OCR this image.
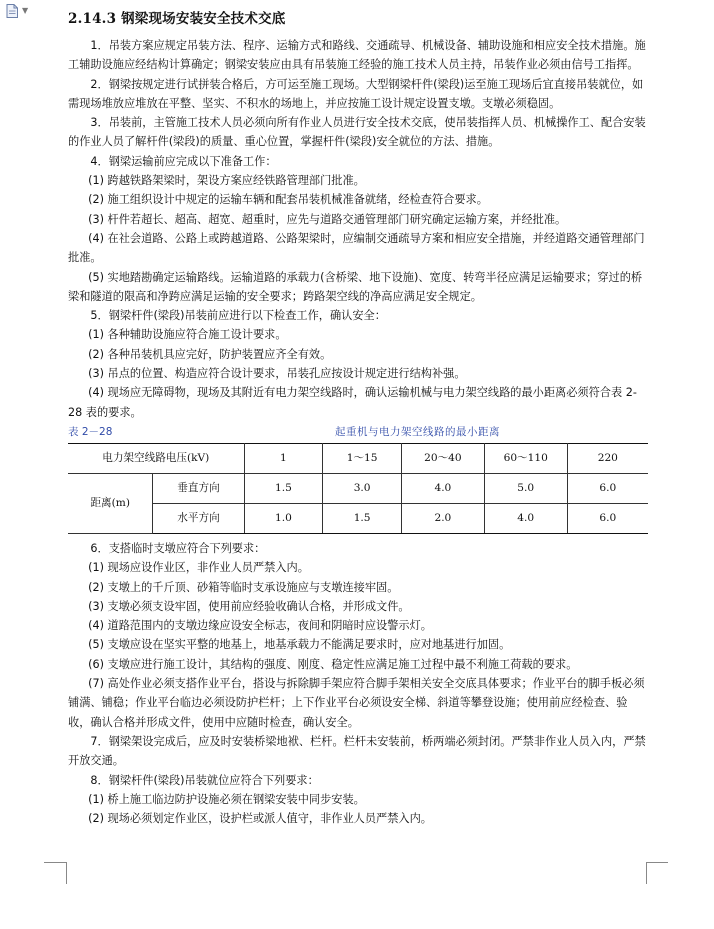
▼
2.14.3 钢梁现场安装安全技术交底

1．吊装方案应规定吊装方法、程序、运输方式和路线、交通疏导、机械设备、辅助设施和相应安全技术措施。施工辅助设施应经结构计算确定；钢梁安装应由具有吊装施工经验的施工技术人员主持，吊装作业必须由信号工指挥。

2．钢梁按规定进行试拼装合格后，方可运至施工现场。大型钢梁杆件(梁段)运至施工现场后宜直接吊装就位，如需现场堆放应堆放在平整、坚实、不积水的场地上，并应按施工设计规定设置支墩。支墩必须稳固。

3．吊装前，主管施工技术人员必须向所有作业人员进行安全技术交底，使吊装指挥人员、机械操作工、配合安装的作业人员了解杆件(梁段)的质量、重心位置，掌握杆件(梁段)安全就位的方法、措施。

4．钢梁运输前应完成以下准备工作：

(1) 跨越铁路架梁时，架设方案应经铁路管理部门批准。

(2) 施工组织设计中规定的运输车辆和配套吊装机械准备就绪，经检查符合要求。

(3) 杆件若超长、超高、超宽、超重时，应先与道路交通管理部门研究确定运输方案，并经批准。

(4) 在社会道路、公路上或跨越道路、公路架梁时，应编制交通疏导方案和相应安全措施，并经道路交通管理部门批准。

(5) 实地踏勘确定运输路线。运输道路的承载力(含桥梁、地下设施)、宽度、转弯半径应满足运输要求；穿过的桥梁和隧道的限高和净跨应满足运输的安全要求；跨路架空线的净高应满足安全规定。

5．钢梁杆件(梁段)吊装前应进行以下检查工作，确认安全：

(1) 各种辅助设施应符合施工设计要求。

(2) 各种吊装机具应完好，防护装置应齐全有效。

(3) 吊点的位置、构造应符合设计要求，吊装孔应按设计规定进行结构补强。

(4) 现场应无障碍物，现场及其附近有电力架空线路时，确认运输机械与电力架空线路的最小距离必须符合表 2-28 表的要求。

表 2－28	起重机与电力架空线路的最小距离
电力架空线路电压(kV)		1	1～15	20～40	60～110	220
距离(m)	垂直方向	1.5	3.0	4.0	5.0	6.0
	水平方向	1.0	1.5	2.0	4.0	6.0

6．支搭临时支墩应符合下列要求：

(1) 现场应设作业区，非作业人员严禁入内。

(2) 支墩上的千斤顶、砂箱等临时支承设施应与支墩连接牢固。

(3) 支墩必须支设牢固，使用前应经验收确认合格，并形成文件。

(4) 道路范围内的支墩边缘应设安全标志，夜间和阴暗时应设警示灯。

(5) 支墩应设在坚实平整的地基上，地基承载力不能满足要求时，应对地基进行加固。

(6) 支墩应进行施工设计，其结构的强度、刚度、稳定性应满足施工过程中最不利施工荷载的要求。

(7) 高处作业必须支搭作业平台，搭设与拆除脚手架应符合脚手架相关安全交底具体要求；作业平台的脚手板必须铺满、铺稳；作业平台临边必须设防护栏杆；上下作业平台必须设安全梯、斜道等攀登设施；使用前应经检查、验收，确认合格并形成文件，使用中应随时检查，确认安全。

7．钢梁架设完成后，应及时安装桥梁地袱、栏杆。栏杆未安装前，桥两端必须封闭。严禁非作业人员入内，严禁开放交通。

8．钢梁杆件(梁段)吊装就位应符合下列要求：

(1) 桥上施工临边防护设施必须在钢梁安装中同步安装。

(2) 现场必须划定作业区，设护栏或派人值守，非作业人员严禁入内。
